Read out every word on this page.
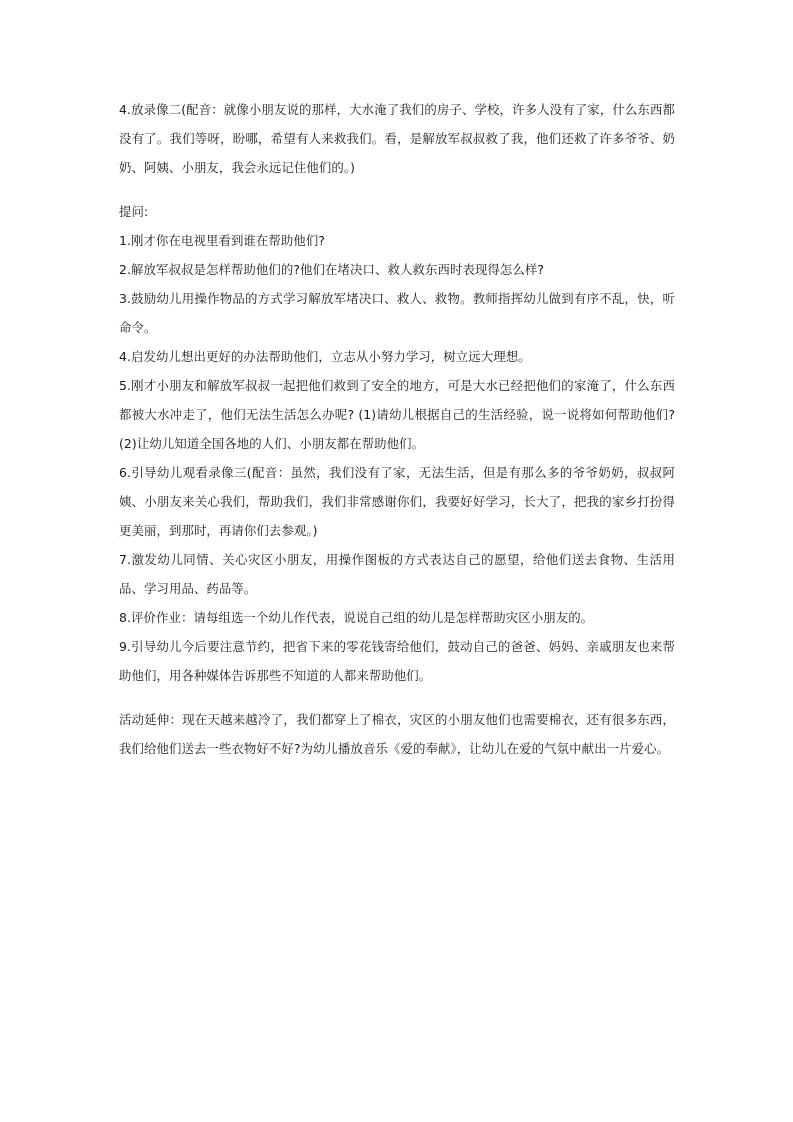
4.放录像二(配音：就像小朋友说的那样，大水淹了我们的房子、学校，许多人没有了家，什么东西都没有了。我们等呀，盼哪，希望有人来救我们。看，是解放军叔叔救了我，他们还救了许多爷爷、奶奶、阿姨、小朋友，我会永远记住他们的。)

提问:

1.刚才你在电视里看到谁在帮助他们?

2.解放军叔叔是怎样帮助他们的?他们在堵决口、救人救东西时表现得怎么样?

3.鼓励幼儿用操作物品的方式学习解放军堵决口、救人、救物。教师指挥幼儿做到有序不乱，快，听命令。

4.启发幼儿想出更好的办法帮助他们，立志从小努力学习，树立远大理想。

5.刚才小朋友和解放军叔叔一起把他们救到了安全的地方，可是大水已经把他们的家淹了，什么东西都被大水冲走了，他们无法生活怎么办呢? (1)请幼儿根据自己的生活经验，说一说将如何帮助他们? (2)让幼儿知道全国各地的人们、小朋友都在帮助他们。

6.引导幼儿观看录像三(配音：虽然，我们没有了家，无法生活，但是有那么多的爷爷奶奶，叔叔阿姨、小朋友来关心我们，帮助我们，我们非常感谢你们，我要好好学习，长大了，把我的家乡打扮得更美丽，到那时，再请你们去参观。)

7.激发幼儿同情、关心灾区小朋友，用操作图板的方式表达自己的愿望，给他们送去食物、生活用品、学习用品、药品等。

8.评价作业：请每组选一个幼儿作代表，说说自己组的幼儿是怎样帮助灾区小朋友的。

9.引导幼儿今后要注意节约，把省下来的零花钱寄给他们，鼓动自己的爸爸、妈妈、亲戚朋友也来帮助他们，用各种媒体告诉那些不知道的人都来帮助他们。

活动延伸：现在天越来越冷了，我们都穿上了棉衣，灾区的小朋友他们也需要棉衣，还有很多东西，我们给他们送去一些衣物好不好?为幼儿播放音乐《爱的奉献》，让幼儿在爱的气氛中献出一片爱心。
